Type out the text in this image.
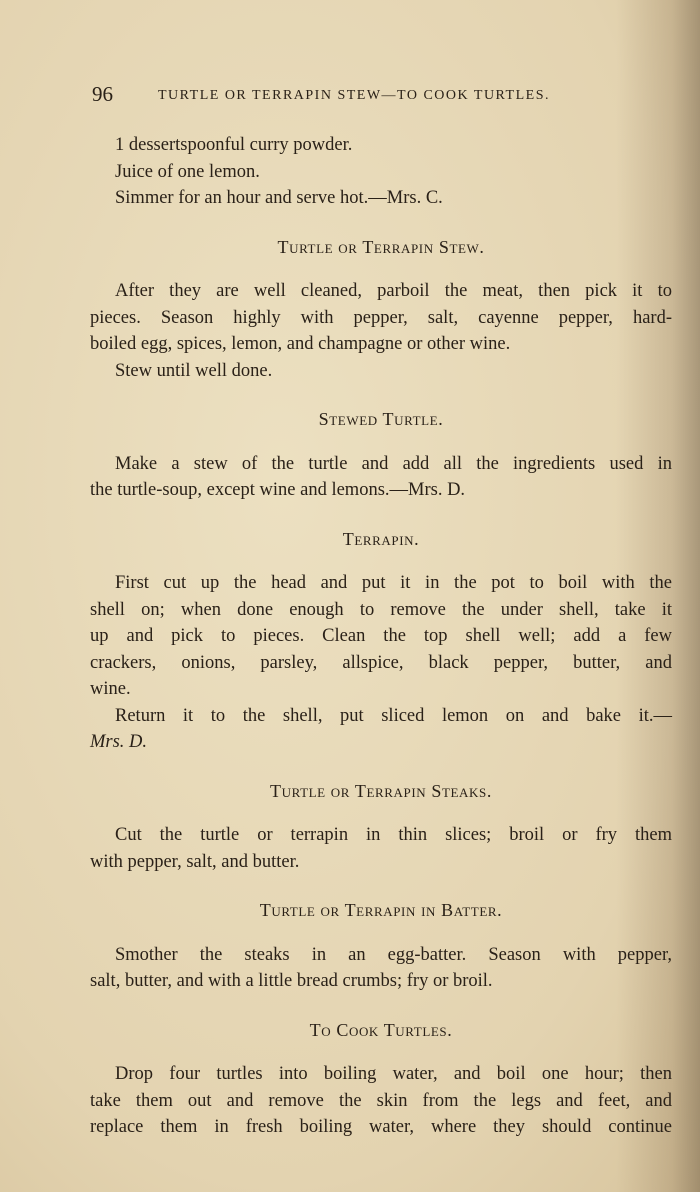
96	TURTLE OR TERRAPIN STEW—TO COOK TURTLES.
1 dessertspoonful curry powder.
Juice of one lemon.
Simmer for an hour and serve hot.—Mrs. C.
Turtle or Terrapin Stew.
After they are well cleaned, parboil the meat, then pick it to
pieces. Season highly with pepper, salt, cayenne pepper, hard-
boiled egg, spices, lemon, and champagne or other wine.
Stew until well done.
Stewed Turtle.
Make a stew of the turtle and add all the ingredients used in
the turtle-soup, except wine and lemons.—Mrs. D.
Terrapin.
First cut up the head and put it in the pot to boil with the
shell on; when done enough to remove the under shell, take it
up and pick to pieces. Clean the top shell well; add a few
crackers, onions, parsley, allspice, black pepper, butter, and
wine.
Return it to the shell, put sliced lemon on and bake it.—
Mrs. D.
Turtle or Terrapin Steaks.
Cut the turtle or terrapin in thin slices; broil or fry them
with pepper, salt, and butter.
Turtle or Terrapin in Batter.
Smother the steaks in an egg-batter. Season with pepper,
salt, butter, and with a little bread crumbs; fry or broil.
To Cook Turtles.
Drop four turtles into boiling water, and boil one hour; then
take them out and remove the skin from the legs and feet, and
replace them in fresh boiling water, where they should continue
